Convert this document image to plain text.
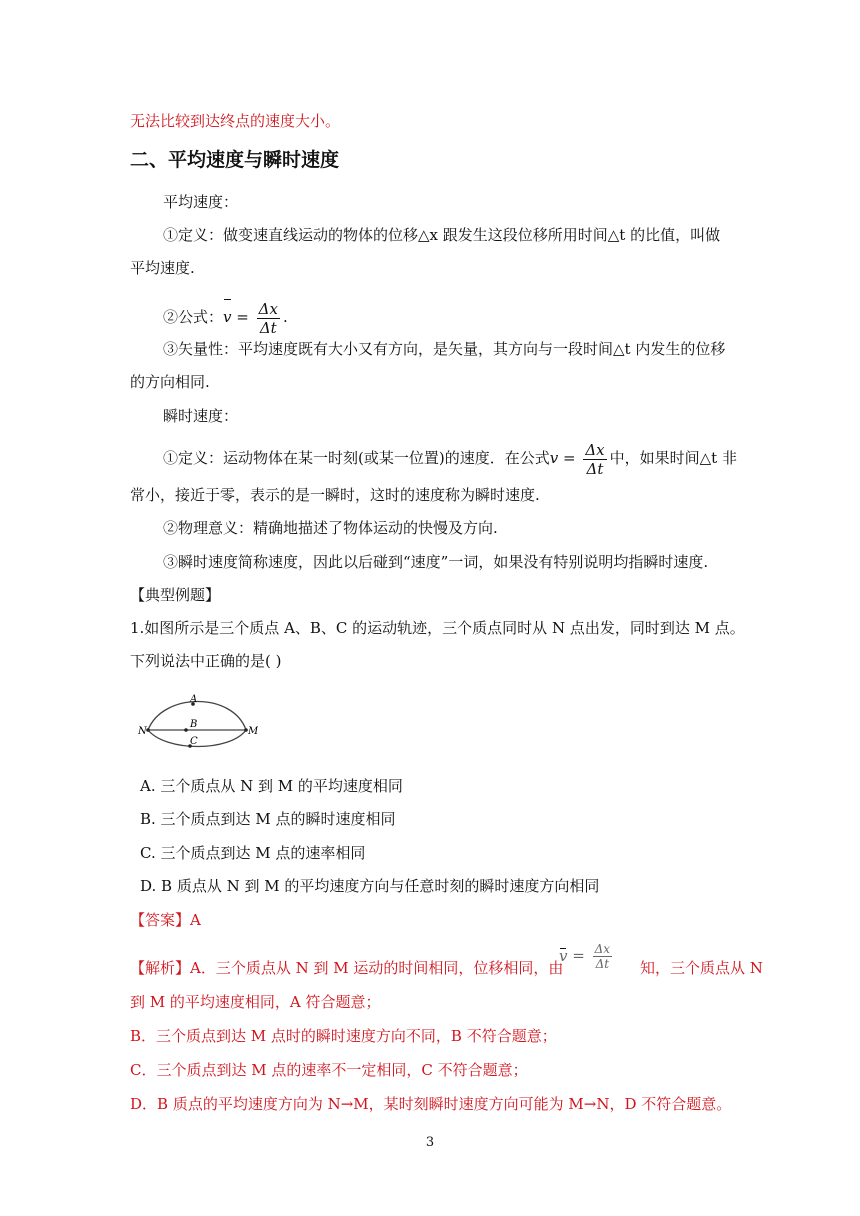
无法比较到达终点的速度大小。
二、平均速度与瞬时速度
平均速度：
①定义：做变速直线运动的物体的位移△x 跟发生这段位移所用时间△t 的比值，叫做
平均速度.
②公式：$v = \frac{\Delta x}{\Delta t}$ .
③矢量性：平均速度既有大小又有方向，是矢量，其方向与一段时间△t 内发生的位移
的方向相同.
瞬时速度：
①定义：运动物体在某一时刻(或某一位置)的速度．在公式$v = \frac{\Delta x}{\Delta t}$ 中，如果时间△t 非
常小，接近于零，表示的是一瞬时，这时的速度称为瞬时速度.
②物理意义：精确地描述了物体运动的快慢及方向.
③瞬时速度简称速度，因此以后碰到“速度”一词，如果没有特别说明均指瞬时速度.
【典型例题】
1.如图所示是三个质点 A、B、C 的运动轨迹，三个质点同时从 N 点出发，同时到达 M 点。
下列说法中正确的是( )
A
B
C
N	M
A. 三个质点从 N 到 M 的平均速度相同
B. 三个质点到达 M 点的瞬时速度相同
C. 三个质点到达 M 点的速率相同
D. B 质点从 N 到 M 的平均速度方向与任意时刻的瞬时速度方向相同
【答案】A
【解析】A．三个质点从 N 到 M 运动的时间相同，位移相同，由
$v = \frac{\Delta x}{\Delta t}$ 知，三个质点从 N
到 M 的平均速度相同，A 符合题意；
B．三个质点到达 M 点时的瞬时速度方向不同，B 不符合题意；
C．三个质点到达 M 点的速率不一定相同，C 不符合题意；
D．B 质点的平均速度方向为 N→M，某时刻瞬时速度方向可能为 M→N，D 不符合题意。
3
